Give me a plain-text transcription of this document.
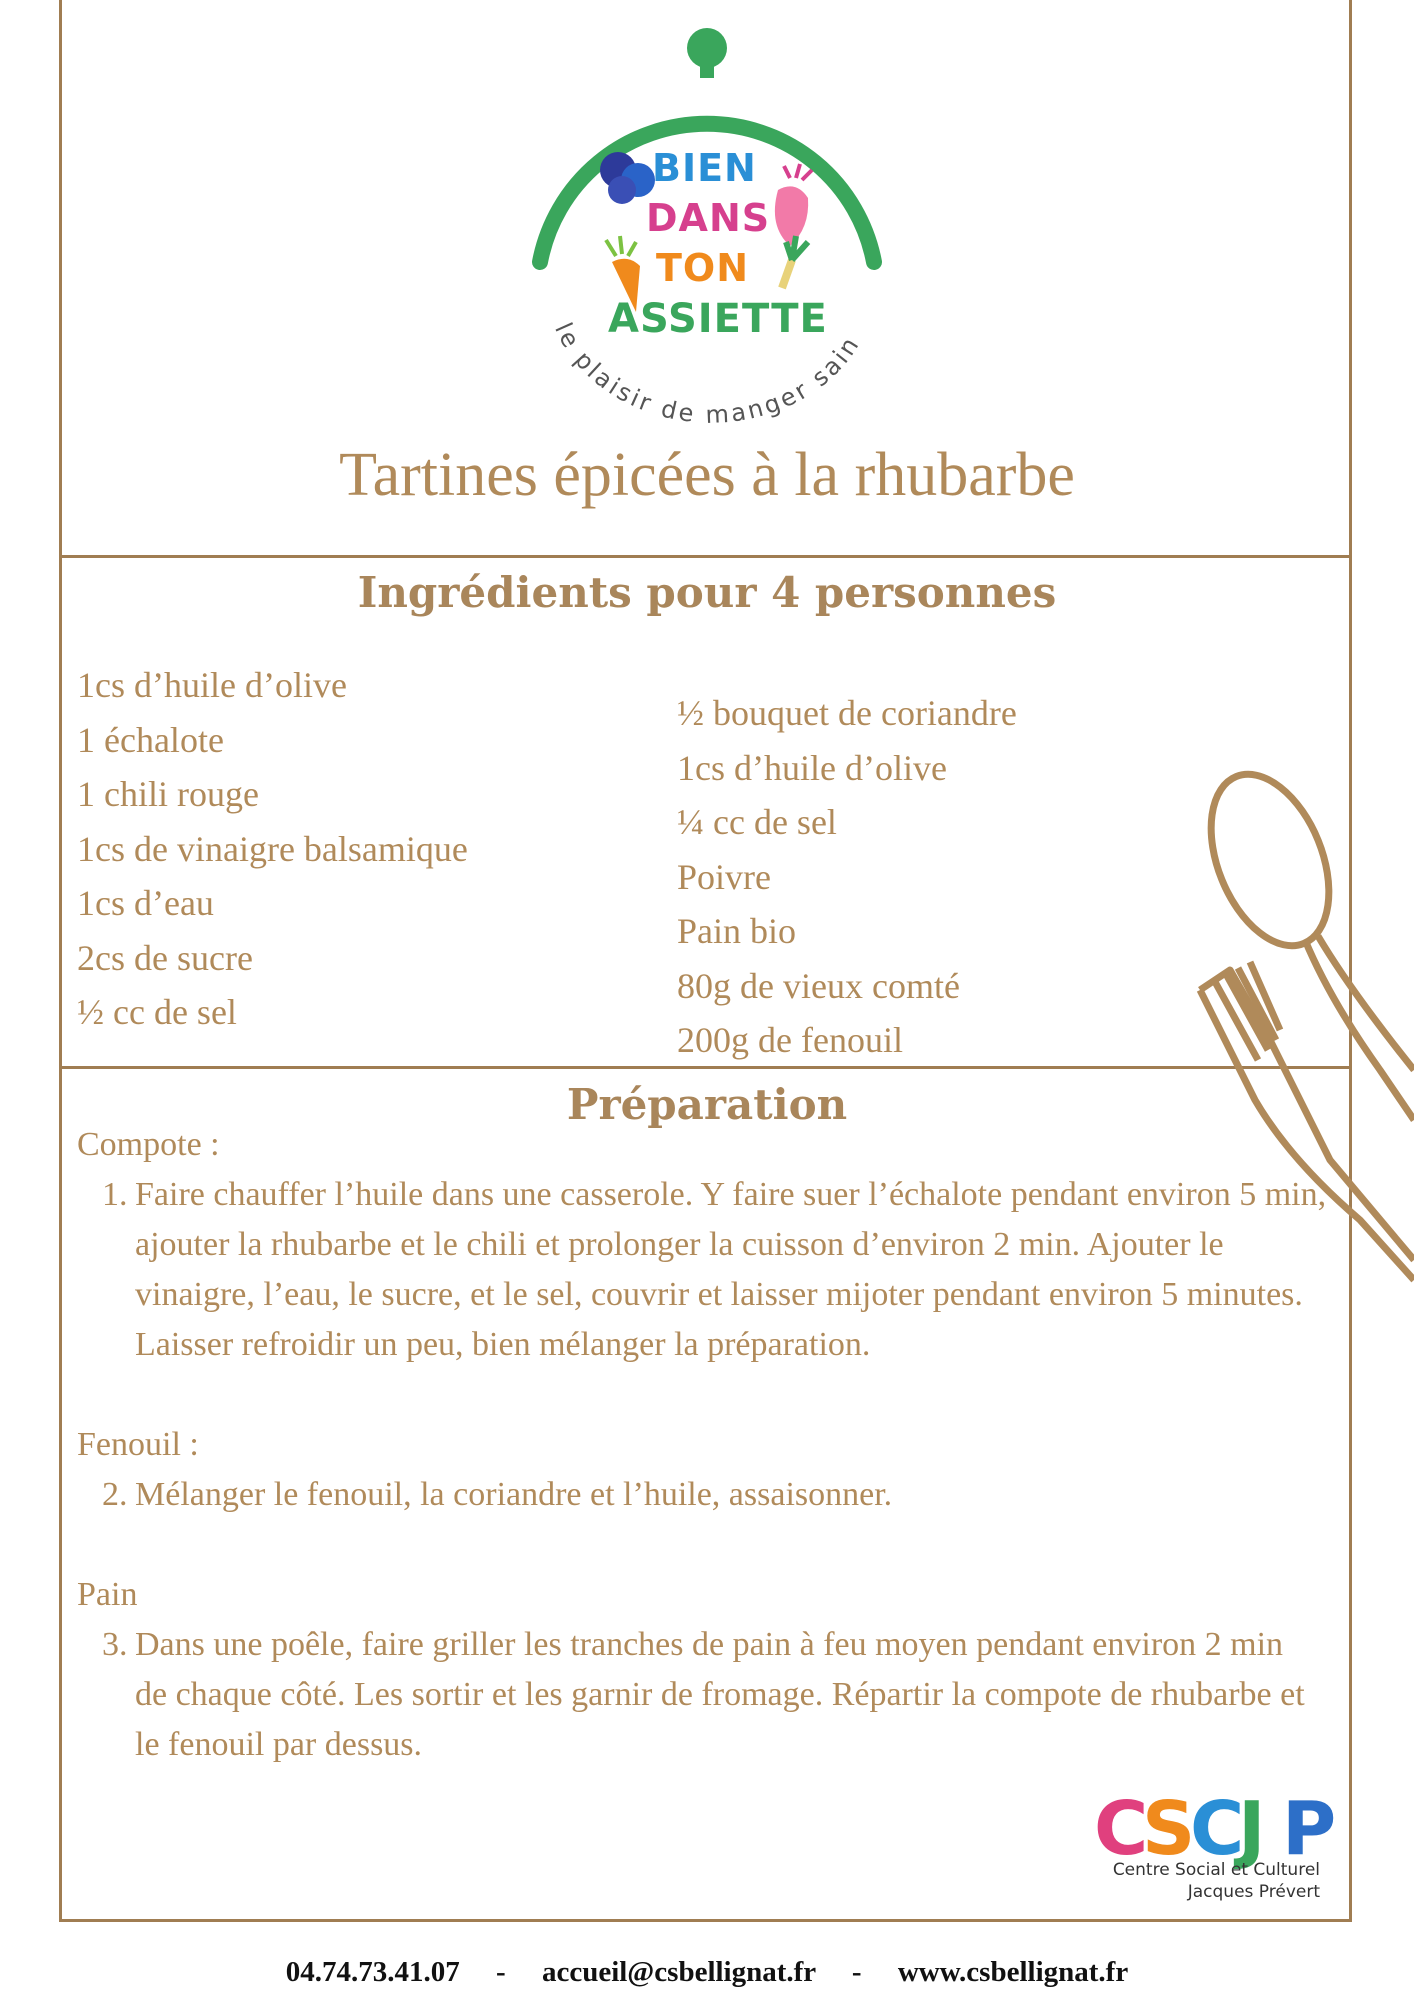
le plaisir de manger sain
BIEN
DANS
TON
ASSIETTE
Tartines épicées à la rhubarbe
Ingrédients pour 4 personnes
1cs d’huile d’olive
1 échalote
1 chili rouge
1cs de vinaigre balsamique
1cs d’eau
2cs de sucre
½ cc de sel
½ bouquet de coriandre
1cs d’huile d’olive
¼ cc de sel
Poivre
Pain bio
80g de vieux comté
200g de fenouil
Préparation

Compote :

1. Faire chauffer l’huile dans une casserole. Y faire suer l’échalote pendant environ 5 min, ajouter la rhubarbe et le chili et prolonger la cuisson d’environ 2 min. Ajouter le vinaigre, l’eau, le sucre, et le sel, couvrir et laisser mijoter pendant environ 5 minutes. Laisser refroidir un peu, bien mélanger la préparation.

Fenouil :

2. Mélanger le fenouil, la coriandre et l’huile, assaisonner.

Pain

3. Dans une poêle, faire griller les tranches de pain à feu moyen pendant environ 2 min de chaque côté. Les sortir et les garnir de fromage. Répartir la compote de rhubarbe et le fenouil par dessus.
C
S
C
J P
Centre Social et Culturel
Jacques Prévert
04.74.73.41.07 - accueil@csbellignat.fr - www.csbellignat.fr
